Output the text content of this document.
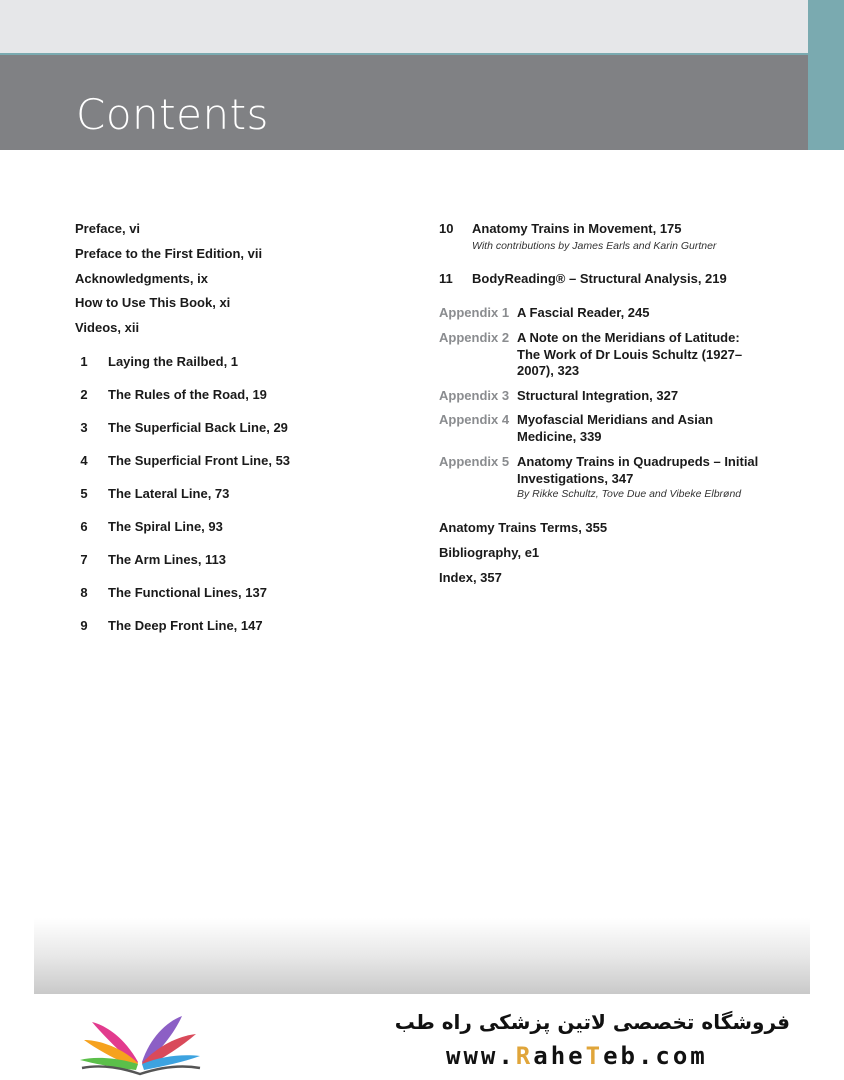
Contents
Preface, vi
Preface to the First Edition, vii
Acknowledgments, ix
How to Use This Book, xi
Videos, xii
1	Laying the Railbed, 1
2	The Rules of the Road, 19
3	The Superficial Back Line, 29
4	The Superficial Front Line, 53
5	The Lateral Line, 73
6	The Spiral Line, 93
7	The Arm Lines, 113
8	The Functional Lines, 137
9	The Deep Front Line, 147
10 Anatomy Trains in Movement, 175
With contributions by James Earls and Karin Gurtner
11 BodyReading® – Structural Analysis, 219
Appendix 1 A Fascial Reader, 245
Appendix 2 A Note on the Meridians of Latitude: The Work of Dr Louis Schultz (1927–2007), 323
Appendix 3 Structural Integration, 327
Appendix 4 Myofascial Meridians and Asian Medicine, 339
Appendix 5 Anatomy Trains in Quadrupeds – Initial Investigations, 347
By Rikke Schultz, Tove Due and Vibeke Elbrønd
Anatomy Trains Terms, 355
Bibliography, e1
Index, 357
فروشگاه تخصصی لاتین پزشکی راه طب
www.RaheTeb.com
